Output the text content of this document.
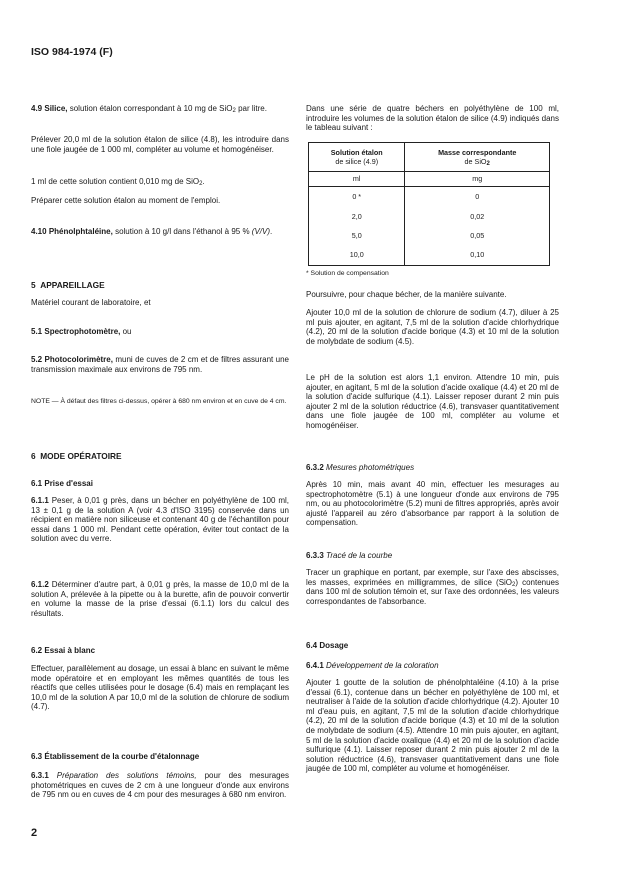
ISO 984-1974 (F)

4.9 Silice, solution étalon correspondant à 10 mg de SiO$_2$ par litre.

Prélever 20,0 ml de la solution étalon de silice (4.8), les introduire dans une fiole jaugée de 1 000 ml, compléter au volume et homogénéiser.

1 ml de cette solution contient 0,010 mg de SiO$_2$.

Préparer cette solution étalon au moment de l'emploi.

4.10 Phénolphtaléine, solution à 10 g/l dans l'éthanol à 95 % (V/V).

5 APPAREILLAGE

Matériel courant de laboratoire, et

5.1 Spectrophotomètre, ou

5.2 Photocolorimètre, muni de cuves de 2 cm et de filtres assurant une transmission maximale aux environs de 795 nm.

NOTE — À défaut des filtres ci-dessus, opérer à 680 nm environ et en cuve de 4 cm.

6 MODE OPÉRATOIRE

6.1 Prise d'essai

6.1.1 Peser, à 0,01 g près, dans un bécher en polyéthylène de 100 ml, 13 ± 0,1 g de la solution A (voir 4.3 d'ISO 3195) conservée dans un récipient en matière non siliceuse et contenant 40 g de l'échantillon pour essai dans 1 000 ml. Pendant cette opération, éviter tout contact de la solution avec du verre.

6.1.2 Déterminer d'autre part, à 0,01 g près, la masse de 10,0 ml de la solution A, prélevée à la pipette ou à la burette, afin de pouvoir convertir en volume la masse de la prise d'essai (6.1.1) lors du calcul des résultats.

6.2 Essai à blanc

Effectuer, parallèlement au dosage, un essai à blanc en suivant le même mode opératoire et en employant les mêmes quantités de tous les réactifs que celles utilisées pour le dosage (6.4) mais en remplaçant les 10,0 ml de la solution A par 10,0 ml de la solution de chlorure de sodium (4.7).

6.3 Établissement de la courbe d'étalonnage

6.3.1 Préparation des solutions témoins, pour des mesurages photométriques en cuves de 2 cm à une longueur d'onde aux environs de 795 nm ou en cuves de 4 cm pour des mesurages à 680 nm environ.

Dans une série de quatre béchers en polyéthylène de 100 ml, introduire les volumes de la solution étalon de silice (4.9) indiqués dans le tableau suivant :

Solution étalon
de silice (4.9)	Masse correspondante
de SiO$_2$
ml	mg
0 *	0
2,0	0,02
5,0	0,05
10,0	0,10

* Solution de compensation

Poursuivre, pour chaque bécher, de la manière suivante.

Ajouter 10,0 ml de la solution de chlorure de sodium (4.7), diluer à 25 ml puis ajouter, en agitant, 7,5 ml de la solution d'acide chlorhydrique (4.2), 20 ml de la solution d'acide borique (4.3) et 10 ml de la solution de molybdate de sodium (4.5).

Le pH de la solution est alors 1,1 environ. Attendre 10 min, puis ajouter, en agitant, 5 ml de la solution d'acide oxalique (4.4) et 20 ml de la solution d'acide sulfurique (4.1). Laisser reposer durant 2 min puis ajouter 2 ml de la solution réductrice (4.6), transvaser quantitativement dans une fiole jaugée de 100 ml, compléter au volume et homogénéiser.

6.3.2 Mesures photométriques

Après 10 min, mais avant 40 min, effectuer les mesurages au spectrophotomètre (5.1) à une longueur d'onde aux environs de 795 nm, ou au photocolorimètre (5.2) muni de filtres appropriés, après avoir ajusté l'appareil au zéro d'absorbance par rapport à la solution de compensation.

6.3.3 Tracé de la courbe

Tracer un graphique en portant, par exemple, sur l'axe des abscisses, les masses, exprimées en milligrammes, de silice (SiO$_2$) contenues dans 100 ml de solution témoin et, sur l'axe des ordonnées, les valeurs correspondantes de l'absorbance.

6.4 Dosage

6.4.1 Développement de la coloration

Ajouter 1 goutte de la solution de phénolphtaléine (4.10) à la prise d'essai (6.1), contenue dans un bécher en polyéthylène de 100 ml, et neutraliser à l'aide de la solution d'acide chlorhydrique (4.2). Ajouter 10 ml d'eau puis, en agitant, 7,5 ml de la solution d'acide chlorhydrique (4.2), 20 ml de la solution d'acide borique (4.3) et 10 ml de la solution de molybdate de sodium (4.5). Attendre 10 min puis ajouter, en agitant, 5 ml de la solution d'acide oxalique (4.4) et 20 ml de la solution d'acide sulfurique (4.1). Laisser reposer durant 2 min puis ajouter 2 ml de la solution réductrice (4.6), transvaser quantitativement dans une fiole jaugée de 100 ml, compléter au volume et homogénéiser.

2
